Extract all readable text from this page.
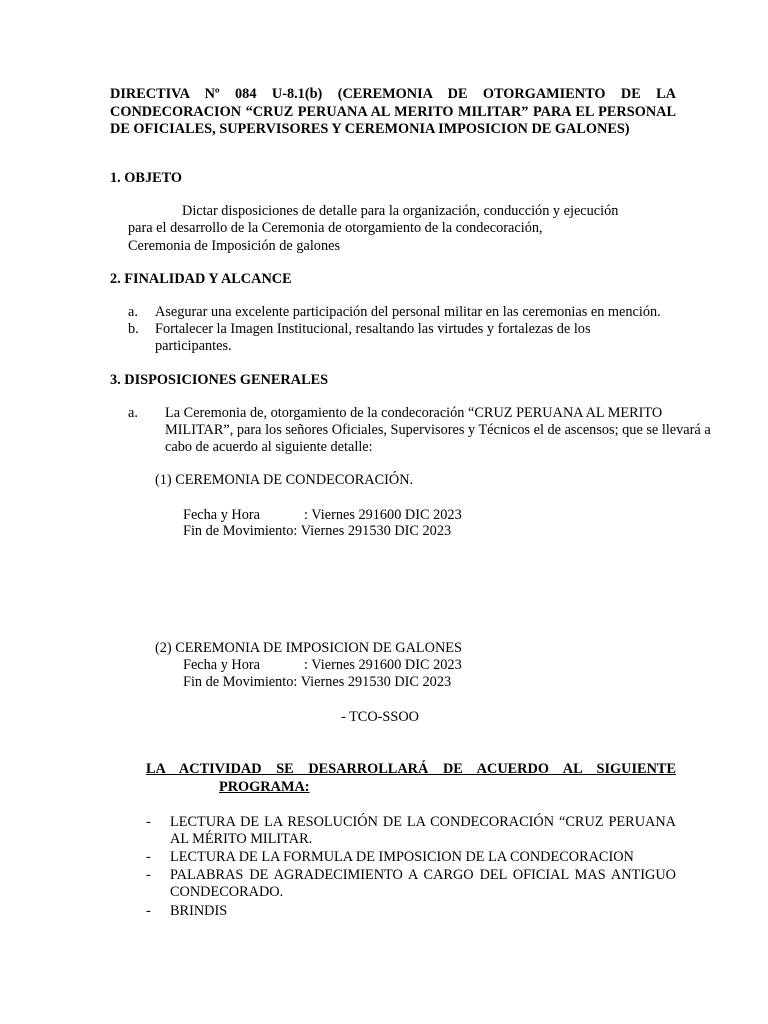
DIRECTIVA Nº 084 U-8.1(b) (CEREMONIA DE OTORGAMIENTO DE LA CONDECORACION “CRUZ PERUANA AL MERITO MILITAR” PARA EL PERSONAL DE OFICIALES, SUPERVISORES Y CEREMONIA IMPOSICION DE GALONES)
1. OBJETO
Dictar disposiciones de detalle para la organización, conducción y ejecución
para el desarrollo de la Ceremonia de otorgamiento de la condecoración,
Ceremonia de Imposición de galones
2. FINALIDAD Y ALCANCE
a. Asegurar una excelente participación del personal militar en las ceremonias en mención.
b. Fortalecer la Imagen Institucional, resaltando las virtudes y fortalezas de los participantes.
3. DISPOSICIONES GENERALES
a. La Ceremonia de, otorgamiento de la condecoración “CRUZ PERUANA AL MERITO MILITAR”, para los señores Oficiales, Supervisores y Técnicos el de ascensos; que se llevará a cabo de acuerdo al siguiente detalle:
(1) CEREMONIA DE CONDECORACIÓN.
Fecha y Hora	: Viernes 291600 DIC 2023
Fin de Movimiento: Viernes 291530 DIC 2023
(2) CEREMONIA DE IMPOSICION DE GALONES
Fecha y Hora	: Viernes 291600 DIC 2023
Fin de Movimiento: Viernes 291530 DIC 2023
- TCO-SSOO
LA ACTIVIDAD SE DESARROLLARÁ DE ACUERDO AL SIGUIENTE
PROGRAMA:
- LECTURA DE LA RESOLUCIÓN DE LA CONDECORACIÓN “CRUZ PERUANA AL MÉRITO MILITAR.
- LECTURA DE LA FORMULA DE IMPOSICION DE LA CONDECORACION
- PALABRAS DE AGRADECIMIENTO A CARGO DEL OFICIAL MAS ANTIGUO CONDECORADO.
- BRINDIS
